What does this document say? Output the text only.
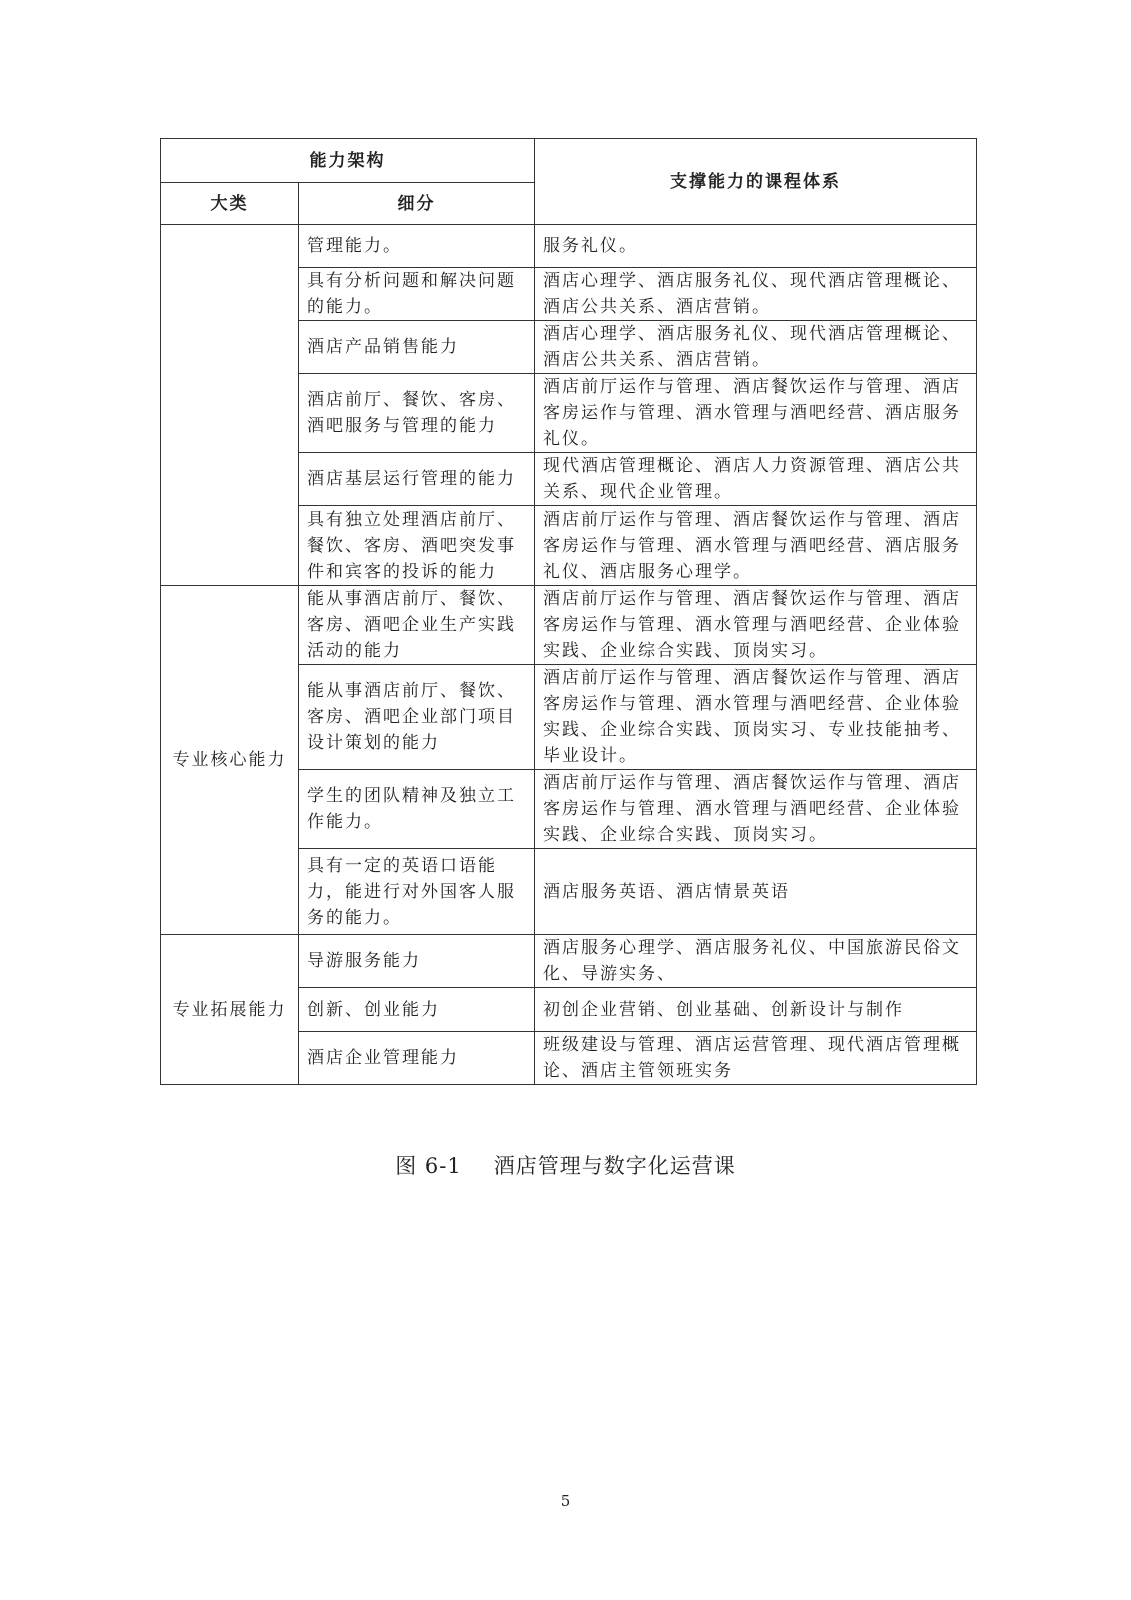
能力架构		支撑能力的课程体系
大类	细分	
	管理能力。	服务礼仪。
	具有分析问题和解决问题的能力。	酒店心理学、酒店服务礼仪、现代酒店管理概论、酒店公共关系、酒店营销。
	酒店产品销售能力	酒店心理学、酒店服务礼仪、现代酒店管理概论、酒店公共关系、酒店营销。
	酒店前厅、餐饮、客房、酒吧服务与管理的能力	酒店前厅运作与管理、酒店餐饮运作与管理、酒店客房运作与管理、酒水管理与酒吧经营、酒店服务礼仪。
	酒店基层运行管理的能力	现代酒店管理概论、酒店人力资源管理、酒店公共关系、现代企业管理。
	具有独立处理酒店前厅、餐饮、客房、酒吧突发事件和宾客的投诉的能力	酒店前厅运作与管理、酒店餐饮运作与管理、酒店客房运作与管理、酒水管理与酒吧经营、酒店服务礼仪、酒店服务心理学。
专业核心能力	能从事酒店前厅、餐饮、客房、酒吧企业生产实践活动的能力	酒店前厅运作与管理、酒店餐饮运作与管理、酒店客房运作与管理、酒水管理与酒吧经营、企业体验实践、企业综合实践、顶岗实习。
	能从事酒店前厅、餐饮、客房、酒吧企业部门项目设计策划的能力	酒店前厅运作与管理、酒店餐饮运作与管理、酒店客房运作与管理、酒水管理与酒吧经营、企业体验实践、企业综合实践、顶岗实习、专业技能抽考、毕业设计。
	学生的团队精神及独立工作能力。	酒店前厅运作与管理、酒店餐饮运作与管理、酒店客房运作与管理、酒水管理与酒吧经营、企业体验实践、企业综合实践、顶岗实习。
	具有一定的英语口语能力，能进行对外国客人服务的能力。	酒店服务英语、酒店情景英语
专业拓展能力	导游服务能力	酒店服务心理学、酒店服务礼仪、中国旅游民俗文化、导游实务、
	创新、创业能力	初创企业营销、创业基础、创新设计与制作
	酒店企业管理能力	班级建设与管理、酒店运营管理、现代酒店管理概论、酒店主管领班实务
图 6-1 酒店管理与数字化运营课
5
